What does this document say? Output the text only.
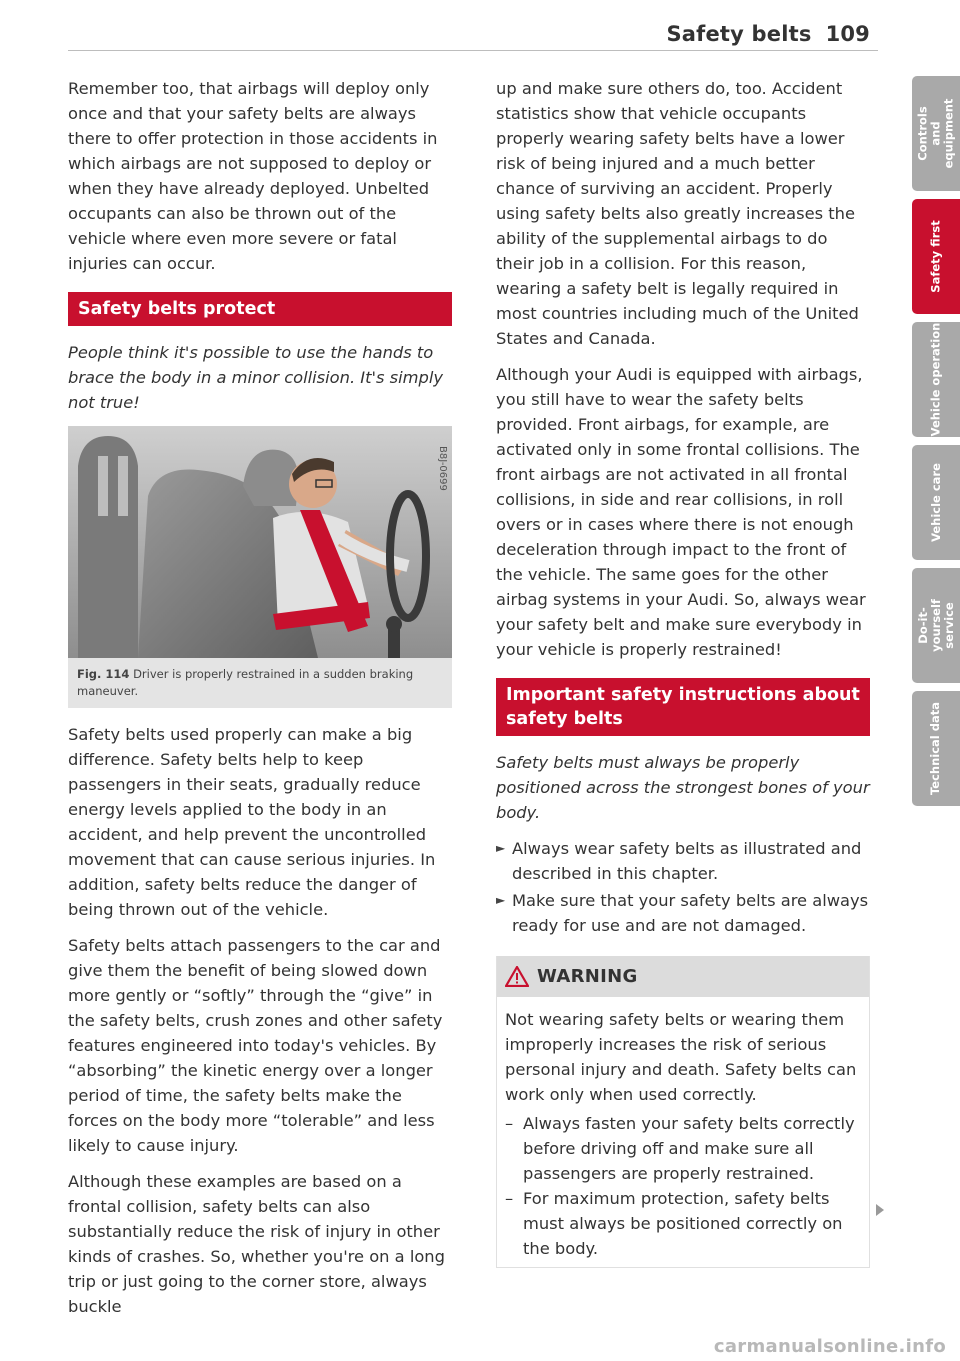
Safety belts 109

Remember too, that airbags will deploy only once and that your safety belts are always there to offer protection in those accidents in which airbags are not supposed to deploy or when they have already deployed. Unbelted occupants can also be thrown out of the vehicle where even more severe or fatal injuries can occur.

Safety belts protect

People think it's possible to use the hands to brace the body in a minor collision. It's simply not true!

B8J-0699
Fig. 114 Driver is properly restrained in a sudden braking maneuver.

Safety belts used properly can make a big difference. Safety belts help to keep passengers in their seats, gradually reduce energy levels applied to the body in an accident, and help prevent the uncontrolled movement that can cause serious injuries. In addition, safety belts reduce the danger of being thrown out of the vehicle.

Safety belts attach passengers to the car and give them the benefit of being slowed down more gently or “softly” through the “give” in the safety belts, crush zones and other safety features engineered into today's vehicles. By “absorbing” the kinetic energy over a longer period of time, the safety belts make the forces on the body more “tolerable” and less likely to cause injury.

Although these examples are based on a frontal collision, safety belts can also substantially reduce the risk of injury in other kinds of crashes. So, whether you're on a long trip or just going to the corner store, always buckle

up and make sure others do, too. Accident statistics show that vehicle occupants properly wearing safety belts have a lower risk of being injured and a much better chance of surviving an accident. Properly using safety belts also greatly increases the ability of the supplemental airbags to do their job in a collision. For this reason, wearing a safety belt is legally required in most countries including much of the United States and Canada.

Although your Audi is equipped with airbags, you still have to wear the safety belts provided. Front airbags, for example, are activated only in some frontal collisions. The front airbags are not activated in all frontal collisions, in side and rear collisions, in roll overs or in cases where there is not enough deceleration through impact to the front of the vehicle. The same goes for the other airbag systems in your Audi. So, always wear your safety belt and make sure everybody in your vehicle is properly restrained!

Important safety instructions about safety belts

Safety belts must always be properly positioned across the strongest bones of your body.

► Always wear safety belts as illustrated and described in this chapter.
► Make sure that your safety belts are always ready for use and are not damaged.
WARNING

Not wearing safety belts or wearing them improperly increases the risk of serious personal injury and death. Safety belts can work only when used correctly.

– Always fasten your safety belts correctly before driving off and make sure all passengers are properly restrained.
– For maximum protection, safety belts must always be positioned correctly on the body.
Controls and equipment
Safety first
Vehicle operation
Vehicle care
Do-it-yourself service
Technical data
carmanualsonline.info
